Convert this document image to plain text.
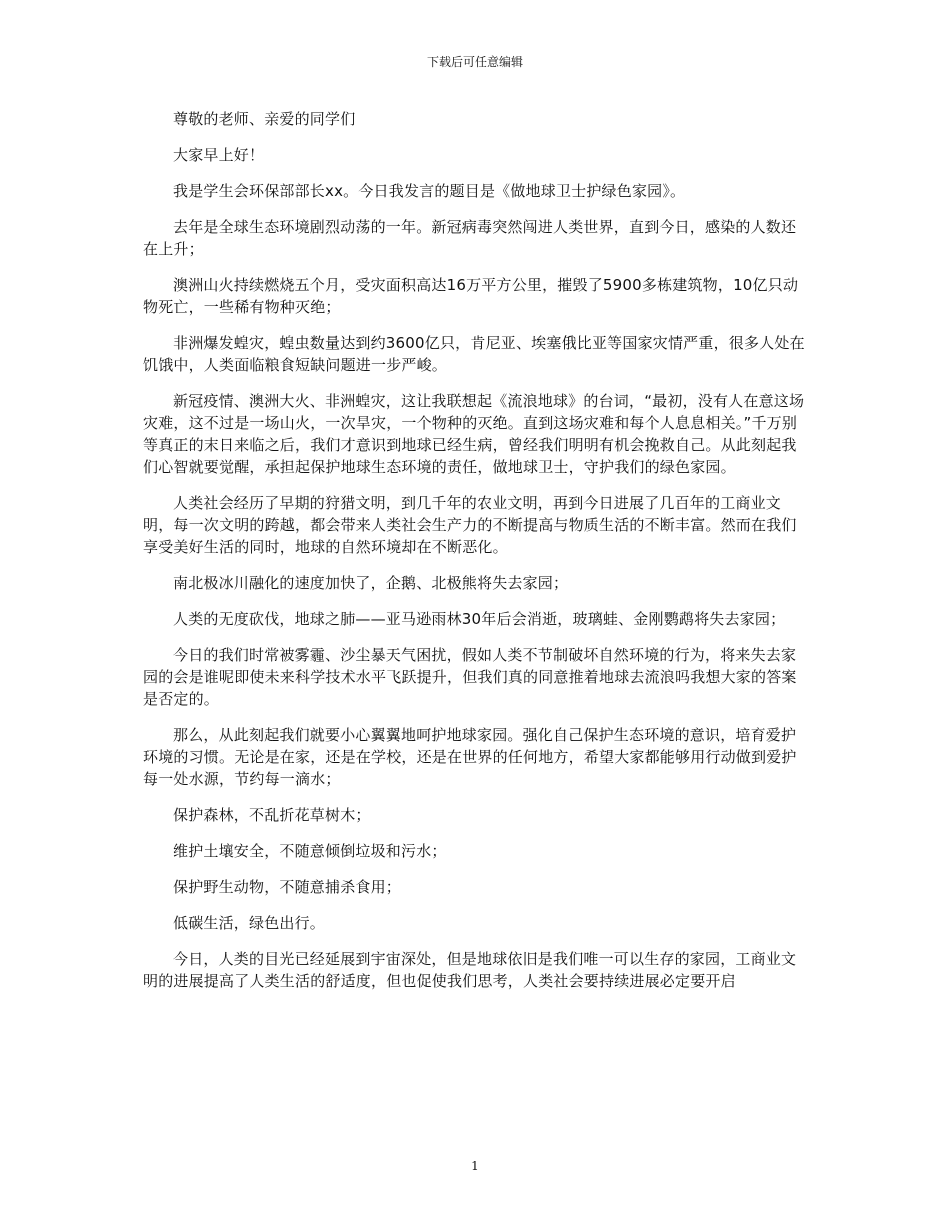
下载后可任意编辑

尊敬的老师、亲爱的同学们

大家早上好！

我是学生会环保部部长xx。今日我发言的题目是《做地球卫士护绿色家园》。

去年是全球生态环境剧烈动荡的一年。新冠病毒突然闯进人类世界，直到今日，感染的人数还在上升；

澳洲山火持续燃烧五个月，受灾面积高达16万平方公里，摧毁了5900多栋建筑物，10亿只动物死亡，一些稀有物种灭绝；

非洲爆发蝗灾，蝗虫数量达到约3600亿只，肯尼亚、埃塞俄比亚等国家灾情严重，很多人处在饥饿中，人类面临粮食短缺问题进一步严峻。

新冠疫情、澳洲大火、非洲蝗灾，这让我联想起《流浪地球》的台词，“最初，没有人在意这场灾难，这不过是一场山火，一次旱灾，一个物种的灭绝。直到这场灾难和每个人息息相关。”千万别等真正的末日来临之后，我们才意识到地球已经生病，曾经我们明明有机会挽救自己。从此刻起我们心智就要觉醒，承担起保护地球生态环境的责任，做地球卫士，守护我们的绿色家园。

人类社会经历了早期的狩猎文明，到几千年的农业文明，再到今日进展了几百年的工商业文明，每一次文明的跨越，都会带来人类社会生产力的不断提高与物质生活的不断丰富。然而在我们享受美好生活的同时，地球的自然环境却在不断恶化。

南北极冰川融化的速度加快了，企鹅、北极熊将失去家园；

人类的无度砍伐，地球之肺——亚马逊雨林30年后会消逝，玻璃蛙、金刚鹦鹉将失去家园；

今日的我们时常被雾霾、沙尘暴天气困扰，假如人类不节制破坏自然环境的行为，将来失去家园的会是谁呢即使未来科学技术水平飞跃提升，但我们真的同意推着地球去流浪吗我想大家的答案是否定的。

那么，从此刻起我们就要小心翼翼地呵护地球家园。强化自己保护生态环境的意识，培育爱护环境的习惯。无论是在家，还是在学校，还是在世界的任何地方，希望大家都能够用行动做到爱护每一处水源，节约每一滴水；

保护森林，不乱折花草树木；

维护土壤安全，不随意倾倒垃圾和污水；

保护野生动物，不随意捕杀食用；

低碳生活，绿色出行。

今日，人类的目光已经延展到宇宙深处，但是地球依旧是我们唯一可以生存的家园，工商业文明的进展提高了人类生活的舒适度，但也促使我们思考，人类社会要持续进展必定要开启

1
